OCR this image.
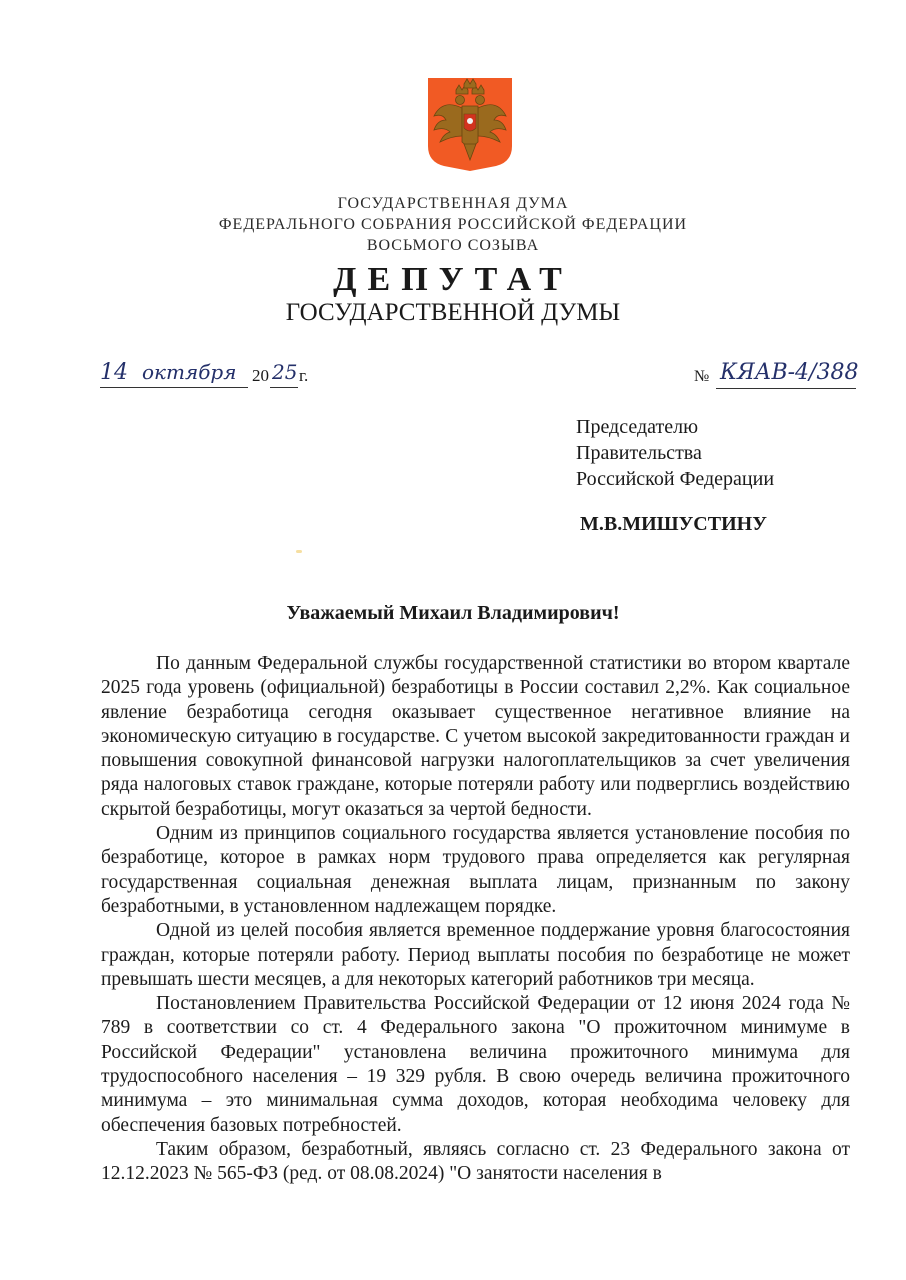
ГОСУДАРСТВЕННАЯ ДУМА
ФЕДЕРАЛЬНОГО СОБРАНИЯ РОССИЙСКОЙ ФЕДЕРАЦИИ
ВОСЬМОГО СОЗЫВА
ДЕПУТАТ
ГОСУДАРСТВЕННОЙ ДУМЫ
14 октября 20 25 г.	№ КЯАВ-4/388
Председателю
Правительства
Российской Федерации
М.В.МИШУСТИНУ
Уважаемый Михаил Владимирович!

По данным Федеральной службы государственной статистики во втором квартале 2025 года уровень (официальной) безработицы в России составил 2,2%. Как социальное явление безработица сегодня оказывает существенное негативное влияние на экономическую ситуацию в государстве. С учетом высокой закредитованности граждан и повышения совокупной финансовой нагрузки налогоплательщиков за счет увеличения ряда налоговых ставок граждане, которые потеряли работу или подверглись воздействию скрытой безработицы, могут оказаться за чертой бедности.

Одним из принципов социального государства является установление пособия по безработице, которое в рамках норм трудового права определяется как регулярная государственная социальная денежная выплата лицам, признанным по закону безработными, в установленном надлежащем порядке.

Одной из целей пособия является временное поддержание уровня благосостояния граждан, которые потеряли работу. Период выплаты пособия по безработице не может превышать шести месяцев, а для некоторых категорий работников три месяца.

Постановлением Правительства Российской Федерации от 12 июня 2024 года № 789 в соответствии со ст. 4 Федерального закона "О прожиточном минимуме в Российской Федерации" установлена величина прожиточного минимума для трудоспособного населения – 19 329 рубля. В свою очередь величина прожиточного минимума – это минимальная сумма доходов, которая необходима человеку для обеспечения базовых потребностей.

Таким образом, безработный, являясь согласно ст. 23 Федерального закона от 12.12.2023 № 565-ФЗ (ред. от 08.08.2024) "О занятости населения в
